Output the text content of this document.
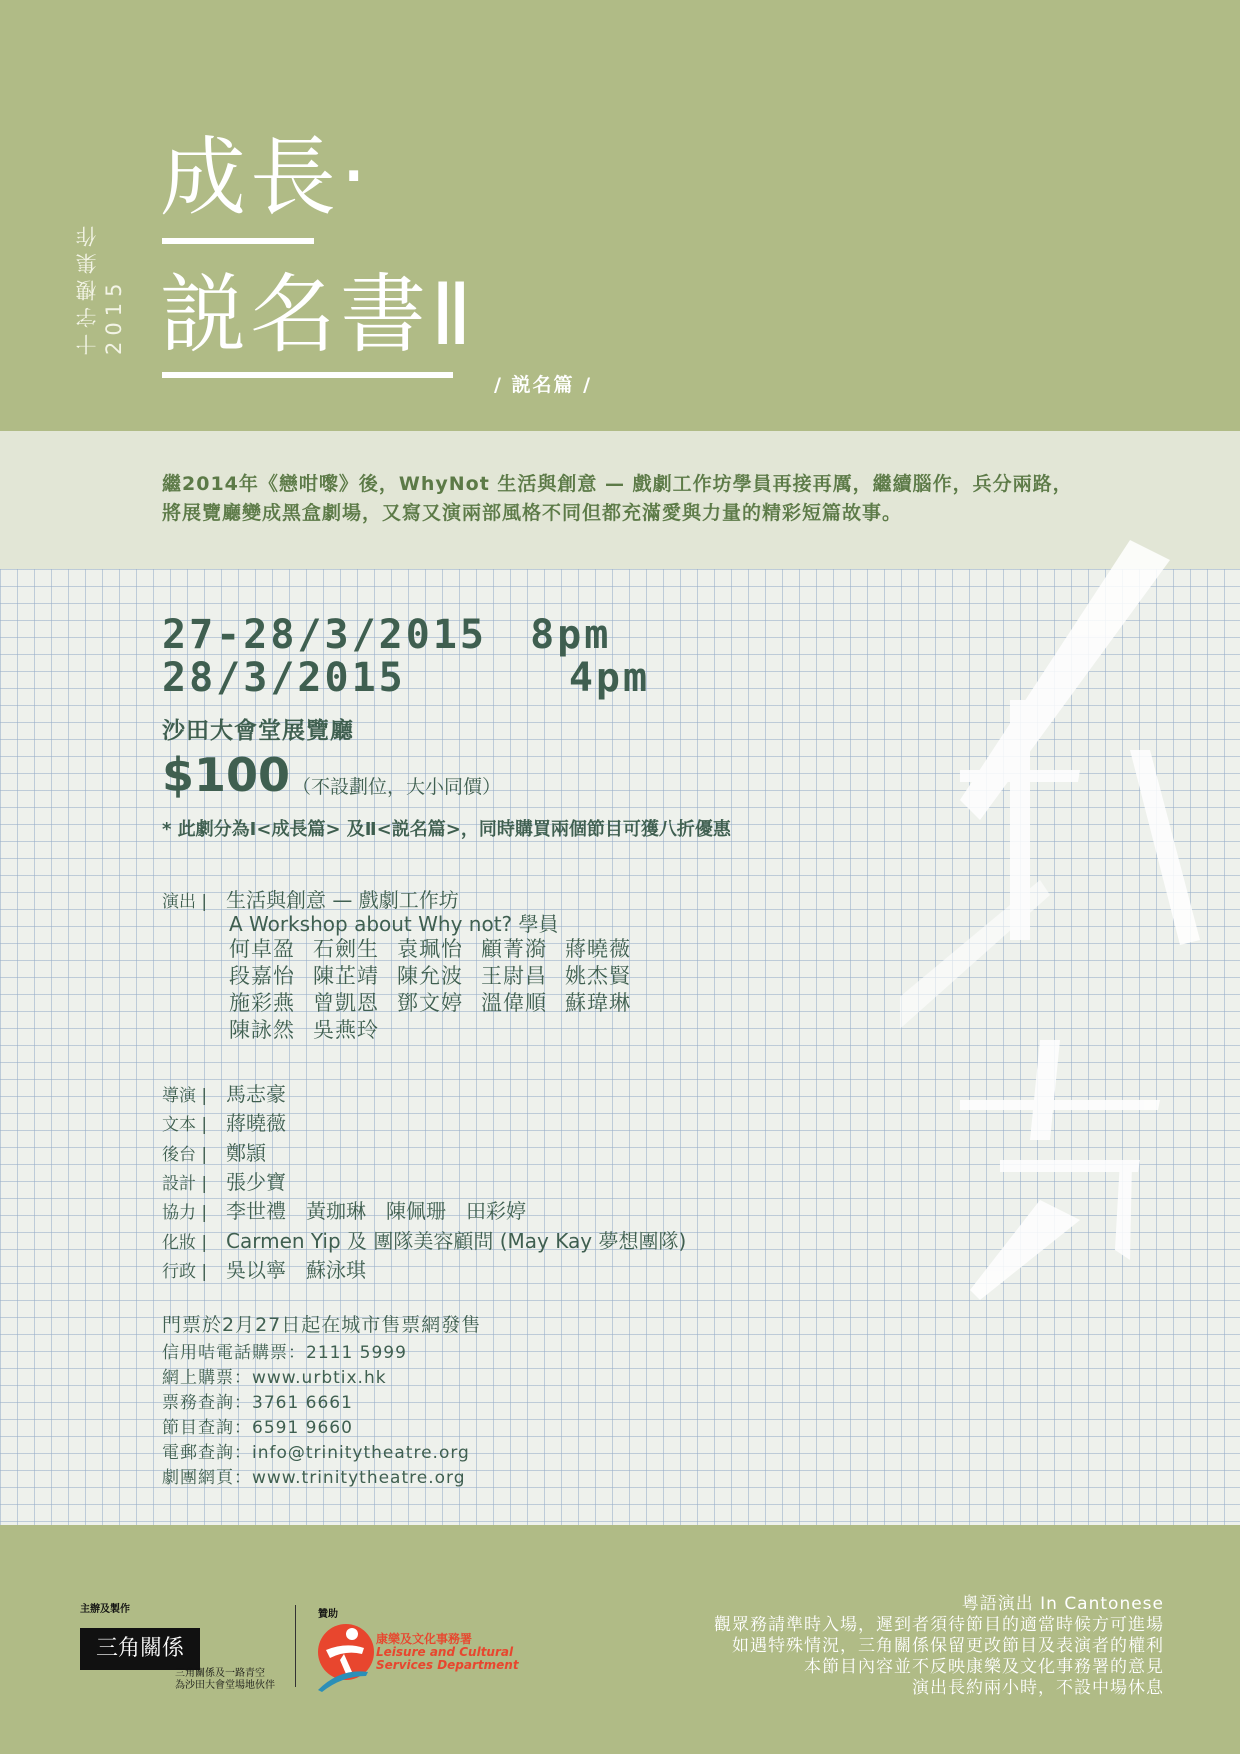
十字樓集作 2015
成長‧
説名書Ⅱ
/ 説名篇 /
繼2014年《戀咁嚟》後，WhyNot 生活與創意 — 戲劇工作坊學員再接再厲，繼續腦作，兵分兩路，
將展覽廳變成黑盒劇場，又寫又演兩部風格不同但都充滿愛與力量的精彩短篇故事。
27-28/3/2015 8pm
28/3/2015	4pm
沙田大會堂展覽廳
$100 （不設劃位，大小同價）
* 此劇分為Ⅰ<成長篇> 及Ⅱ<説名篇>，同時購買兩個節目可獲八折優惠
演出 | 生活與創意 — 戲劇工作坊
A Workshop about Why not? 學員
何卓盈 石劍生 袁珮怡 顧菁漪 蔣曉薇
段嘉怡 陳芷靖 陳允波 王尉昌 姚杰賢
施彩燕 曾凱恩 鄧文婷 溫偉順 蘇瑋琳
陳詠然 吳燕玲
導演 | 馬志豪
文本 | 蔣曉薇
後台 | 鄭頴
設計 | 張少寶
協力 | 李世禮　黃珈琳　陳佩珊　田彩婷
化妝 | Carmen Yip 及 團隊美容顧問 (May Kay 夢想團隊)
行政 | 吳以寧　蘇泳琪
門票於2月27日起在城市售票網發售
信用咭電話購票：2111 5999
網上購票：www.urbtix.hk
票務查詢：3761 6661
節目查詢：6591 9660
電郵查詢：info@trinitytheatre.org
劇團網頁：www.trinitytheatre.org
主辦及製作
三角關係
三角關係及一路青空
為沙田大會堂場地伙伴
贊助
康樂及文化事務署
Leisure and Cultural
Services Department
粵語演出 In Cantonese
觀眾務請準時入場，遲到者須待節目的適當時候方可進場
如遇特殊情況，三角關係保留更改節目及表演者的權利
本節目內容並不反映康樂及文化事務署的意見
演出長約兩小時，不設中場休息
